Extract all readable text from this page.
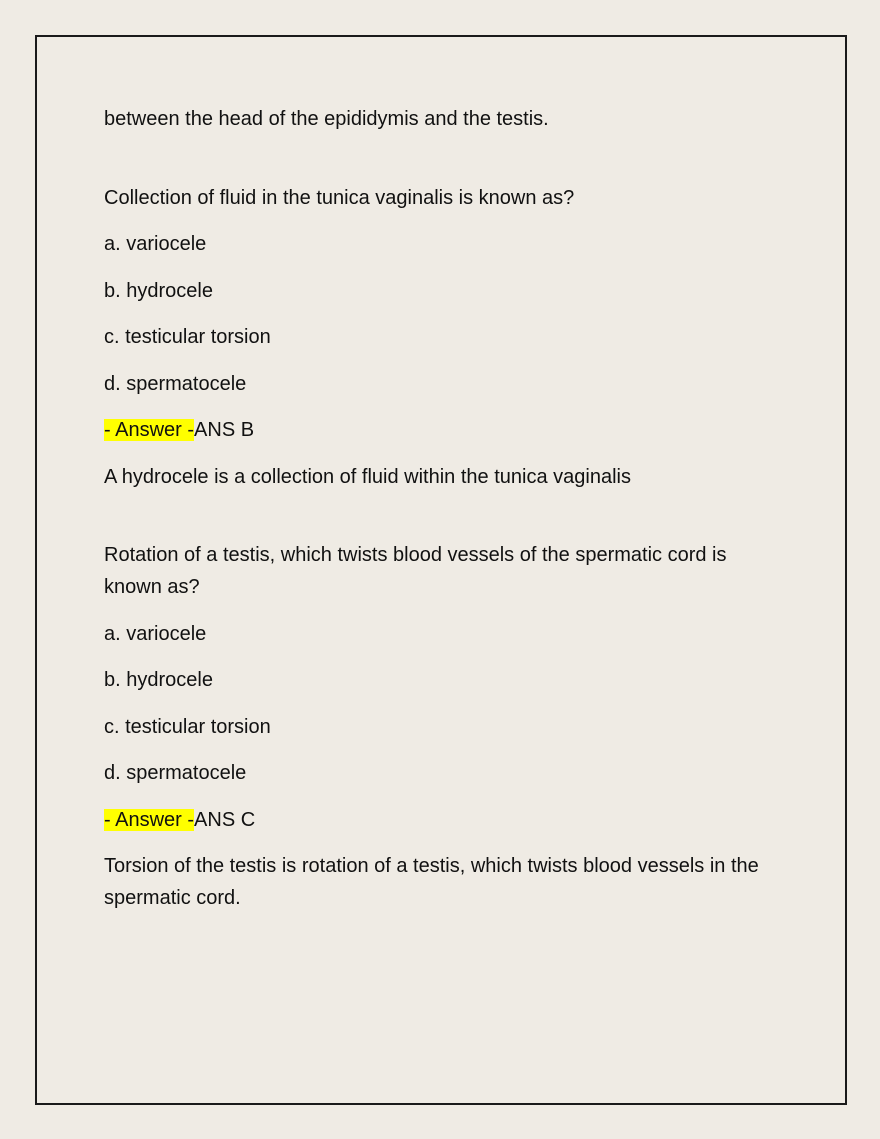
between the head of the epididymis and the testis.

Collection of fluid in the tunica vaginalis is known as?

a. variocele

b. hydrocele

c. testicular torsion

d. spermatocele

- Answer -ANS B

A hydrocele is a collection of fluid within the tunica vaginalis

Rotation of a testis, which twists blood vessels of the spermatic cord is known as?

a. variocele

b. hydrocele

c. testicular torsion

d. spermatocele

- Answer -ANS C

Torsion of the testis is rotation of a testis, which twists blood vessels in the spermatic cord.
